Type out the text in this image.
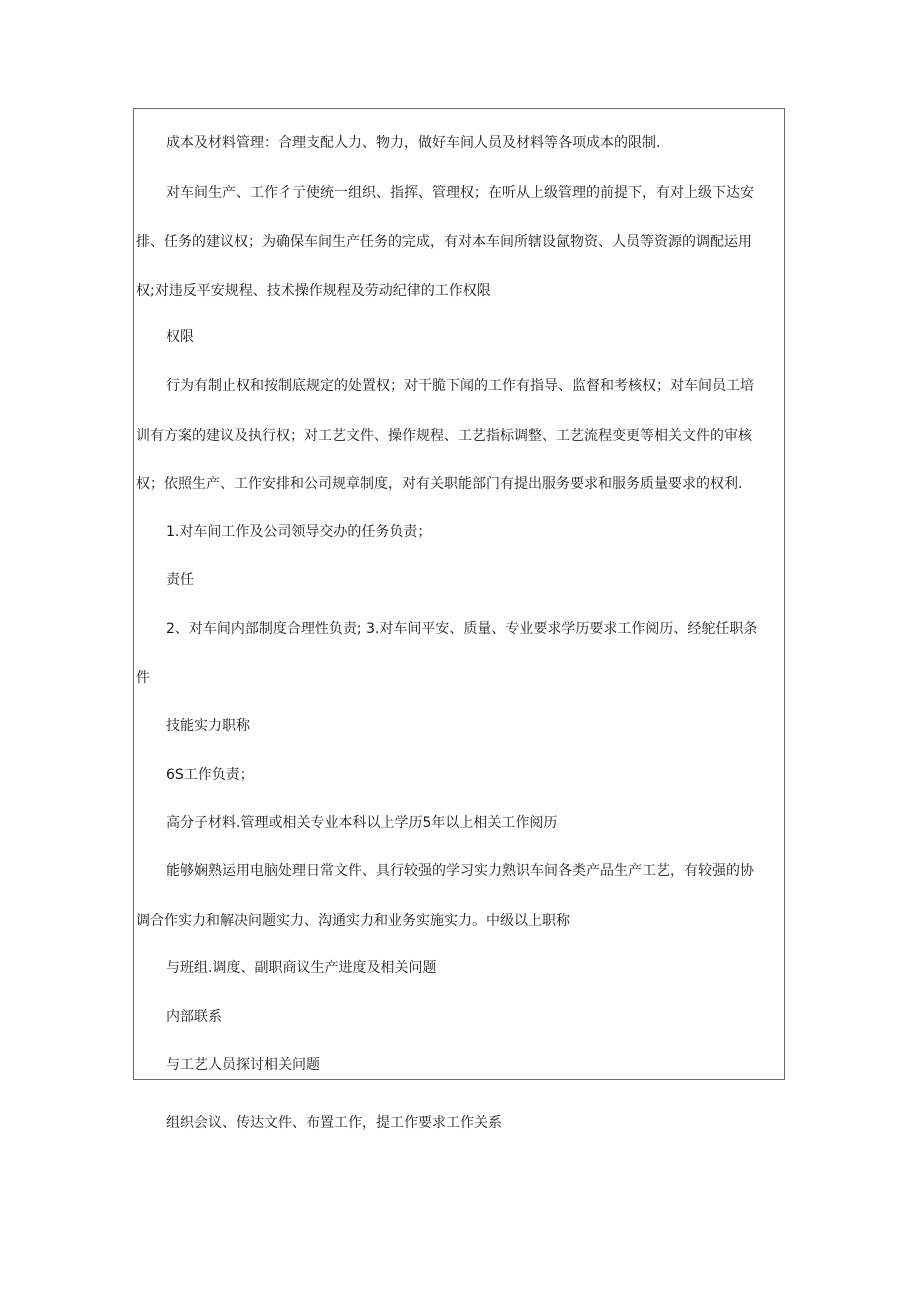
成本及材料管理：合理支配人力、物力，做好车间人员及材料等各项成本的限制.
对车间生产、工作彳亍使统一组织、指挥、管理权；在听从上级管理的前提下，有对上级下达安
排、任务的建议权；为确保车间生产任务的完成，有对本车间所辖设氤物资、人员等资源的调配运用
权;对违反平安规程、技术操作规程及劳动纪律的工作权限
权限
行为有制止权和按制底规定的处置权；对干脆下闻的工作有指导、监督和考核权；对车间员工培
训有方案的建议及执行权；对工艺文件、操作规程、工艺指标调整、工艺流程变更等相关文件的审核
权；依照生产、工作安排和公司规章制度，对有关职能部门有提出服务要求和服务质量要求的权利.
1.对车间工作及公司领导交办的任务负责；
责任
2、对车间内部制度合理性负责; 3.对车间平安、质量、专业要求学历要求工作阅历、经鸵任职条
件
技能实力职称
6S工作负责；
高分子材料.管理或相关专业本科以上学历5年以上相关工作阅历
能够娴熟运用电脑处理日常文件、具行较强的学习实力熟识车间各类产品生产工艺，有较强的协
调合作实力和解决问题实力、沟通实力和业务实施实力。中级以上职称
与班组.调度、副职商议生产进度及相关问题
内部联系
与工艺人员探讨相关问题
组织会议、传达文件、布置工作，提工作要求工作关系
